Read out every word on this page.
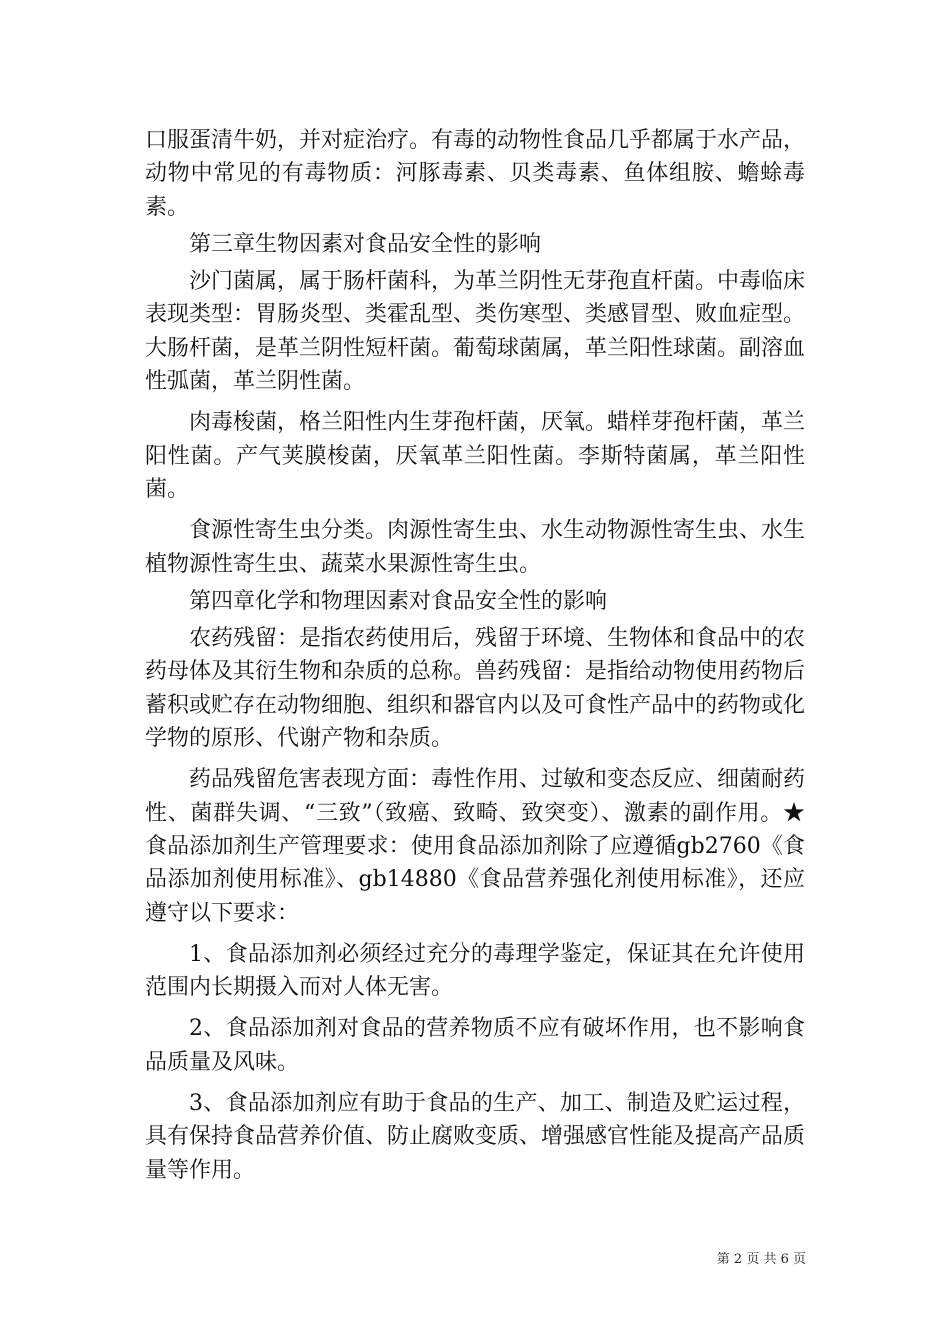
口服蛋清牛奶，并对症治疗。有毒的动物性食品几乎都属于水产品，动物中常见的有毒物质：河豚毒素、贝类毒素、鱼体组胺、蟾蜍毒素。

第三章生物因素对食品安全性的影响

沙门菌属，属于肠杆菌科，为革兰阴性无芽孢直杆菌。中毒临床表现类型：胃肠炎型、类霍乱型、类伤寒型、类感冒型、败血症型。大肠杆菌，是革兰阴性短杆菌。葡萄球菌属，革兰阳性球菌。副溶血性弧菌，革兰阴性菌。

肉毒梭菌，格兰阳性内生芽孢杆菌，厌氧。蜡样芽孢杆菌，革兰阳性菌。产气荚膜梭菌，厌氧革兰阳性菌。李斯特菌属，革兰阳性菌。

食源性寄生虫分类。肉源性寄生虫、水生动物源性寄生虫、水生植物源性寄生虫、蔬菜水果源性寄生虫。

第四章化学和物理因素对食品安全性的影响

农药残留：是指农药使用后，残留于环境、生物体和食品中的农药母体及其衍生物和杂质的总称。兽药残留：是指给动物使用药物后蓄积或贮存在动物细胞、组织和器官内以及可食性产品中的药物或化学物的原形、代谢产物和杂质。

药品残留危害表现方面：毒性作用、过敏和变态反应、细菌耐药性、菌群失调、“三致”（致癌、致畸、致突变）、激素的副作用。★食品添加剂生产管理要求：使用食品添加剂除了应遵循gb2760《食品添加剂使用标准》、gb14880《食品营养强化剂使用标准》，还应遵守以下要求：

1、食品添加剂必须经过充分的毒理学鉴定，保证其在允许使用范围内长期摄入而对人体无害。

2、食品添加剂对食品的营养物质不应有破坏作用，也不影响食品质量及风味。

3、食品添加剂应有助于食品的生产、加工、制造及贮运过程，具有保持食品营养价值、防止腐败变质、增强感官性能及提高产品质量等作用。

第 2 页 共 6 页
